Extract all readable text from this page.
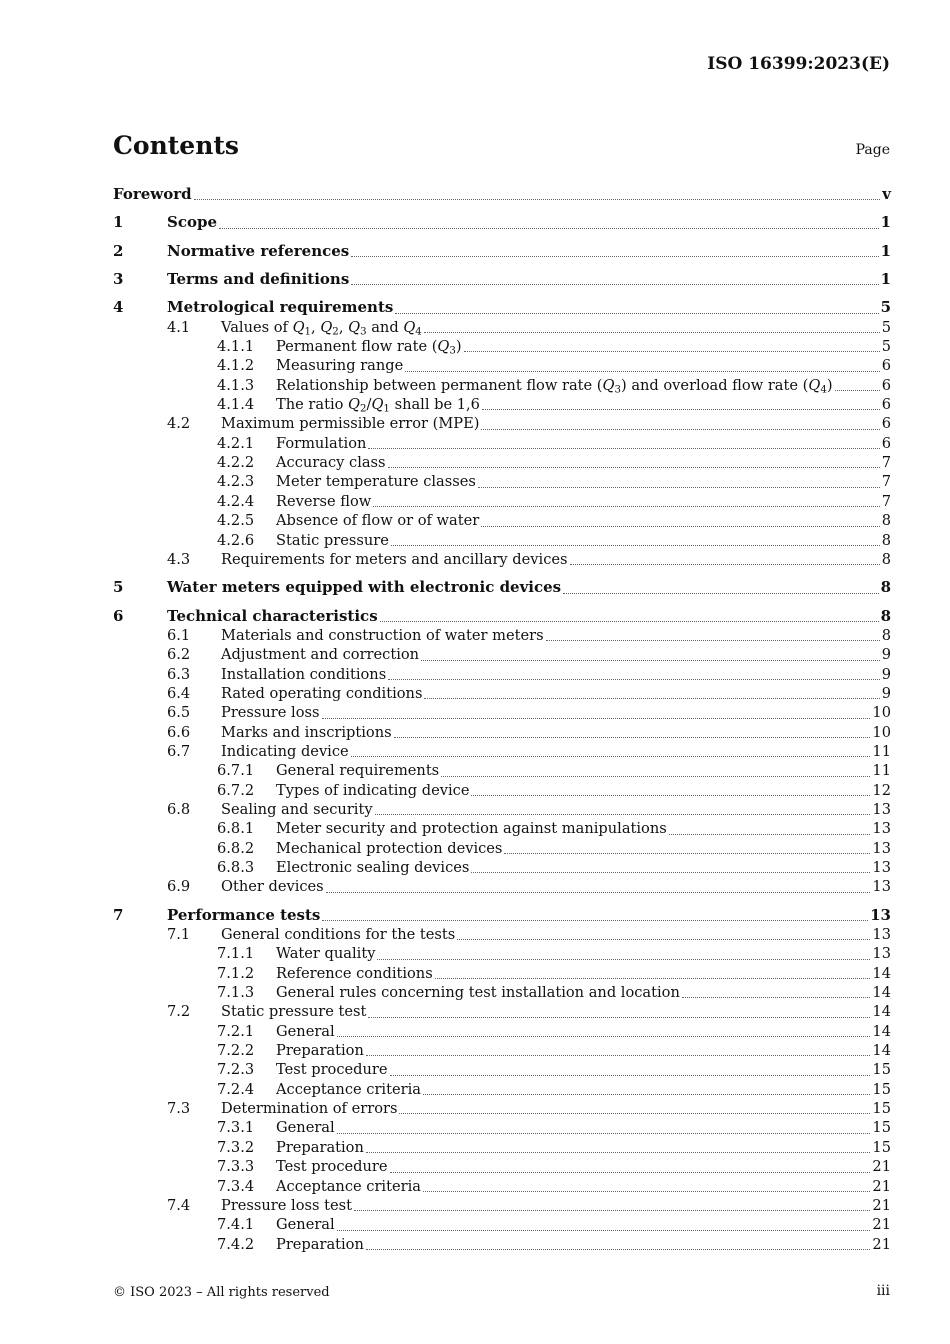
ISO 16399:2023(E)
Contents	Page
Foreword	v
1	Scope	1
2	Normative references	1
3	Terms and definitions	1
4	Metrological requirements	5
4.1	Values of $Q_1$, $Q_2$, $Q_3$ and $Q_4$	5
4.1.1	Permanent flow rate $(Q_3)$	5
4.1.2	Measuring range	6
4.1.3	Relationship between permanent flow rate $(Q_3)$ and overload flow rate $(Q_4)$	6
4.1.4	The ratio $Q_2/Q_1$ shall be 1,6	6
4.2	Maximum permissible error (MPE)	6
4.2.1	Formulation	6
4.2.2	Accuracy class	7
4.2.3	Meter temperature classes	7
4.2.4	Reverse flow	7
4.2.5	Absence of flow or of water	8
4.2.6	Static pressure	8
4.3	Requirements for meters and ancillary devices	8
5	Water meters equipped with electronic devices	8
6	Technical characteristics	8
6.1	Materials and construction of water meters	8
6.2	Adjustment and correction	9
6.3	Installation conditions	9
6.4	Rated operating conditions	9
6.5	Pressure loss	10
6.6	Marks and inscriptions	10
6.7	Indicating device	11
6.7.1	General requirements	11
6.7.2	Types of indicating device	12
6.8	Sealing and security	13
6.8.1	Meter security and protection against manipulations	13
6.8.2	Mechanical protection devices	13
6.8.3	Electronic sealing devices	13
6.9	Other devices	13
7	Performance tests	13
7.1	General conditions for the tests	13
7.1.1	Water quality	13
7.1.2	Reference conditions	14
7.1.3	General rules concerning test installation and location	14
7.2	Static pressure test	14
7.2.1	General	14
7.2.2	Preparation	14
7.2.3	Test procedure	15
7.2.4	Acceptance criteria	15
7.3	Determination of errors	15
7.3.1	General	15
7.3.2	Preparation	15
7.3.3	Test procedure	21
7.3.4	Acceptance criteria	21
7.4	Pressure loss test	21
7.4.1	General	21
7.4.2	Preparation	21
© ISO 2023 – All rights reserved	iii
